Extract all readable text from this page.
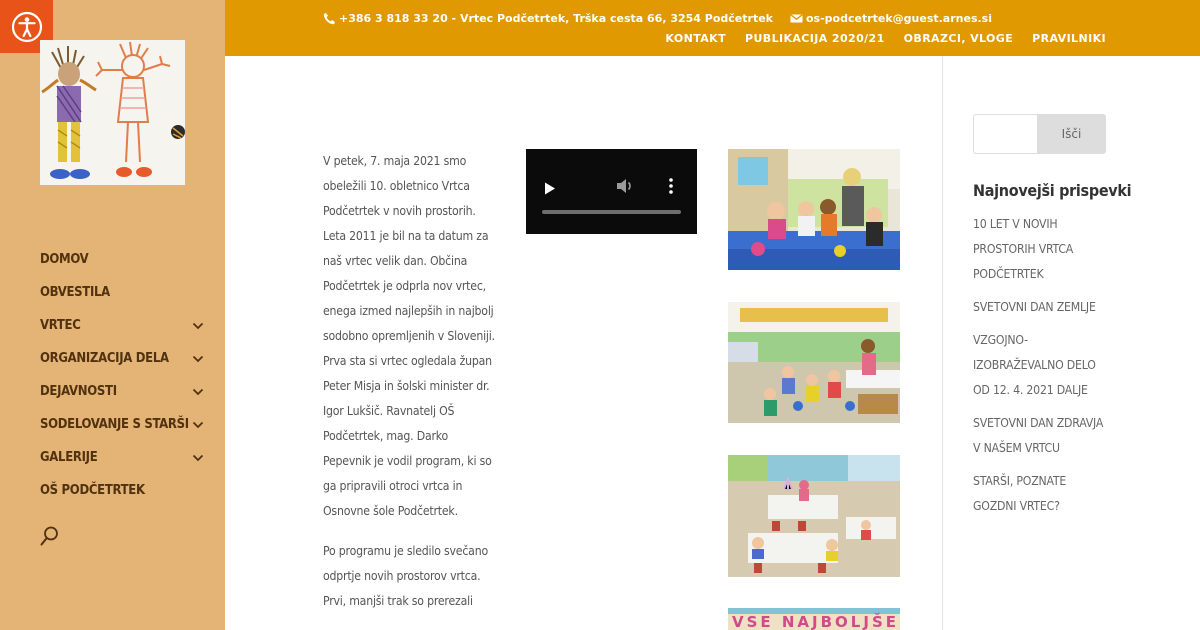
DOMOV
OBVESTILA
VRTEC
ORGANIZACIJA DELA
DEJAVNOSTI
SODELOVANJE S STARŠI
GALERIJE
OŠ PODČETRTEK
+386 3 818 33 20 - Vrtec Podčetrtek, Trška cesta 66, 3254 Podčetrtek	os-podcetrtek@guest.arnes.si
KONTAKT PUBLIKACIJA 2020/21 OBRAZCI, VLOGE PRAVILNIKI

V petek, 7. maja 2021 smo obeležili 10. obletnico Vrtca Podčetrtek v novih prostorih. Leta 2011 je bil na ta datum za naš vrtec velik dan. Občina Podčetrtek je odprla nov vrtec, enega izmed najlepših in najbolj sodobno opremljenih v Sloveniji. Prva sta si vrtec ogledala župan Peter Misja in šolski minister dr. Igor Lukšič. Ravnatelj OŠ Podčetrtek, mag. Darko Pepevnik je vodil program, ki so ga pripravili otroci vrtca in Osnovne šole Podčetrtek.

Po programu je sledilo svečano odprtje novih prostorov vrtca. Prvi, manjši trak so prerezali

VSE NAJBOLJŠE
Išči
Najnovejši prispevki
10 LET V NOVIH PROSTORIH VRTCA PODČETRTEK
SVETOVNI DAN ZEMLJE
VZGOJNO-IZOBRAŽEVALNO DELO OD 12. 4. 2021 DALJE
SVETOVNI DAN ZDRAVJA V NAŠEM VRTCU
STARŠI, POZNATE GOZDNI VRTEC?
